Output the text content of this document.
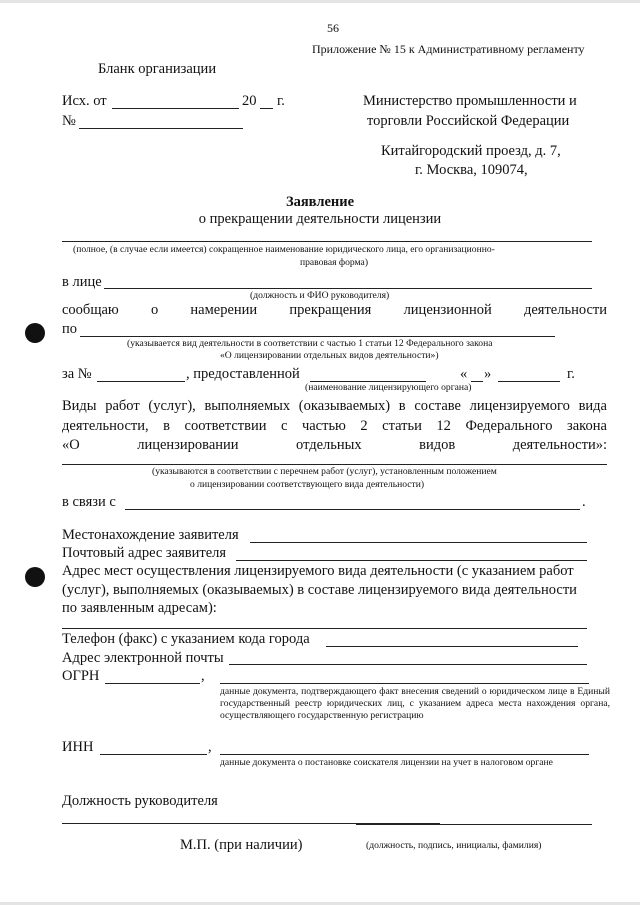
56
Приложение № 15 к Административному регламенту
Бланк организации
Исх. от	20 г.
№
Министерство промышленности и
торговли Российской Федерации
Китайгородский проезд, д. 7,
г. Москва, 109074,
Заявление
о прекращении деятельности лицензии
(полное, (в случае если имеется) сокращенное наименование юридического лица, его организационно-
правовая форма)
в лице
(должность и ФИО руководителя)
сообщаю о намерении прекращения лицензионной деятельности
по
(указывается вид деятельности в соответствии с частью 1 статьи 12 Федерального закона
«О лицензировании отдельных видов деятельности»)
за №	, предоставленной	« »	г.
(наименование лицензирующего органа)
Виды работ (услуг), выполняемых (оказываемых) в составе лицензируемого вида
деятельности, в соответствии с частью 2 статьи 12 Федерального закона
«О	лицензировании	отдельных	видов	деятельности»:
(указываются в соответствии с перечнем работ (услуг), установленным положением
о лицензировании соответствующего вида деятельности)
в связи с	.
Местонахождение заявителя
Почтовый адрес заявителя
Адрес мест осуществления лицензируемого вида деятельности (с указанием работ
(услуг), выполняемых (оказываемых) в составе лицензируемого вида деятельности
по заявленным адресам):
Телефон (факс) с указанием кода города
Адрес электронной почты
ОГРН	,
данные документа, подтверждающего факт внесения сведений о юридическом лице в Единый государственный реестр юридических лиц, с указанием адреса места нахождения органа, осуществляющего государственную регистрацию
ИНН	,
данные документа о постановке соискателя лицензии на учет в налоговом органе
Должность руководителя
М.П. (при наличии)	(должность, подпись, инициалы, фамилия)
